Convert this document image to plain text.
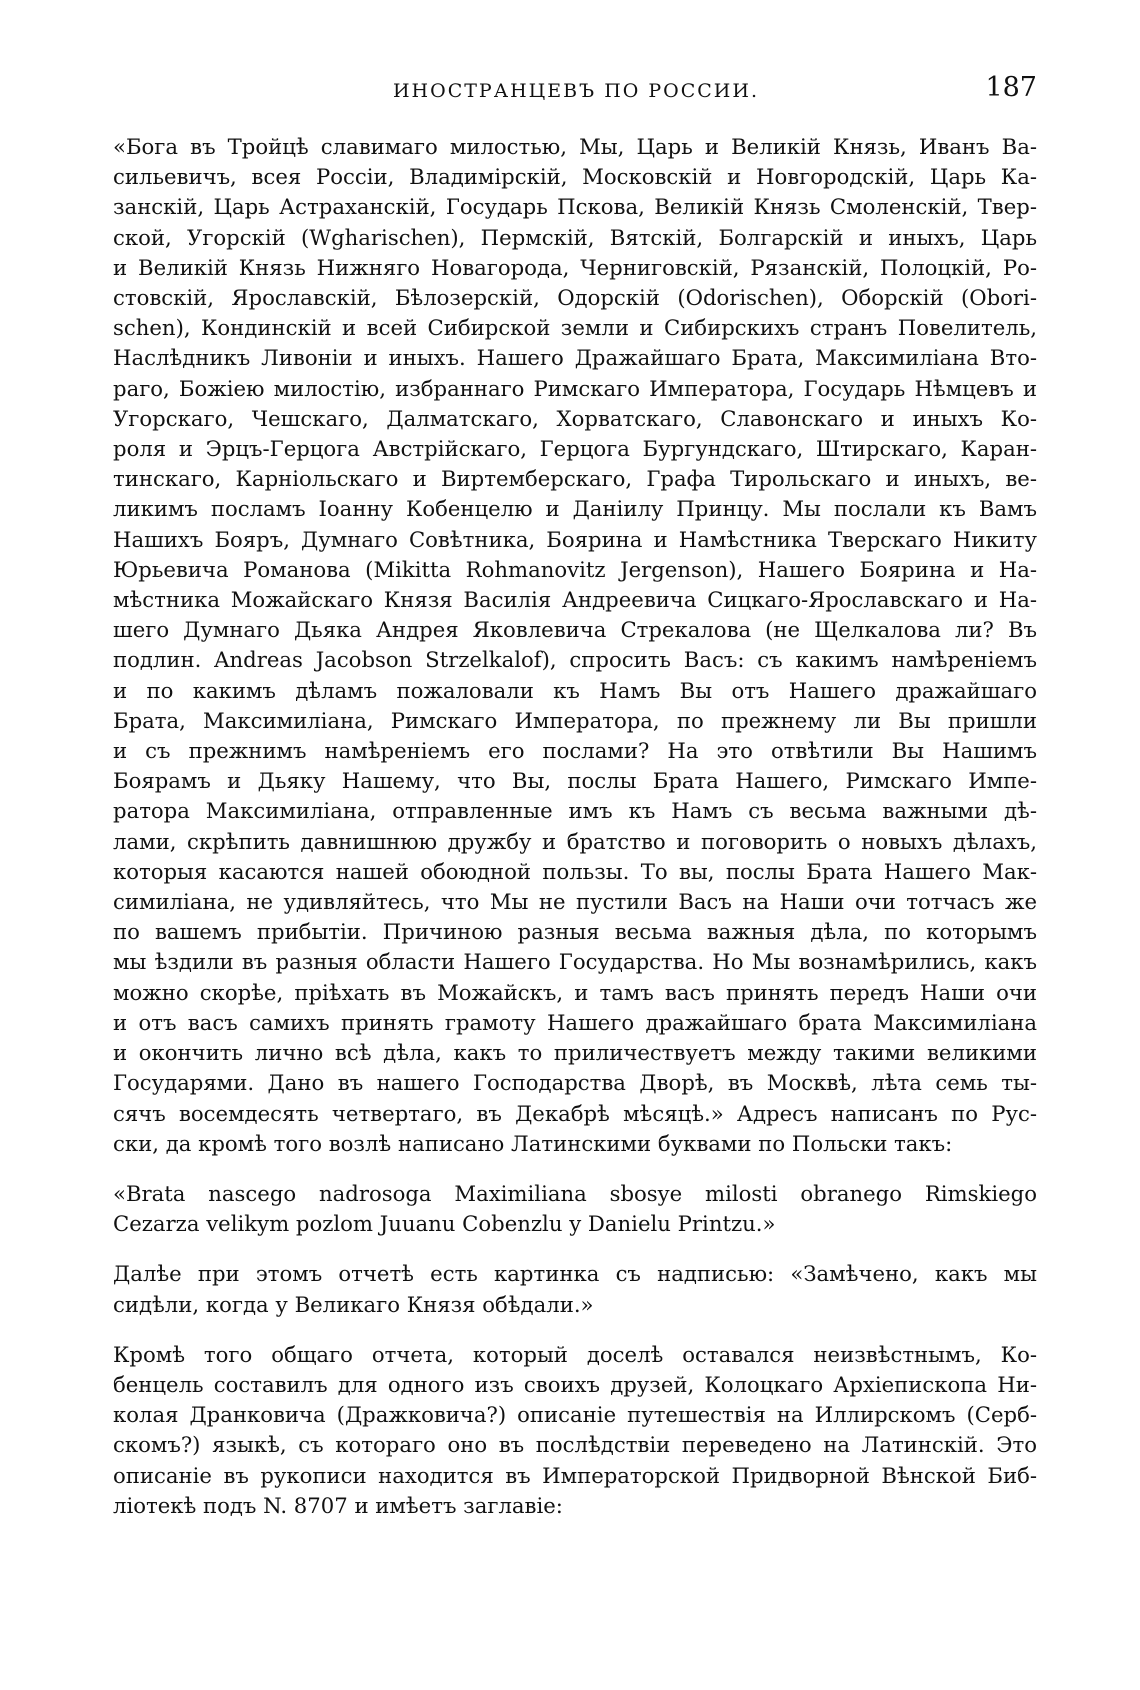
ИНОСТРАНЦЕВЪ ПО РОССИИ.	187

«Бога въ Тройцѣ славимаго милостью, Мы, Царь и Великій Князь, Иванъ Ва-
сильевичъ, всея Россіи, Владимірскій, Московскій и Новгородскій, Царь Ка-
занскій, Царь Астраханскій, Государь Пскова, Великій Князь Смоленскій, Твер-
ской, Угорскій (Wgharischen), Пермскій, Вятскій, Болгарскій и иныхъ, Царь
и Великій Князь Нижняго Новагорода, Черниговскій, Рязанскій, Полоцкій, Ро-
стовскій, Ярославскій, Бѣлозерскій, Одорскій (Odorischen), Оборскій (Obori-
schen), Кондинскій и всей Сибирской земли и Сибирскихъ странъ Повелитель,
Наслѣдникъ Ливоніи и иныхъ. Нашего Дражайшаго Брата, Максимиліана Вто-
раго, Божіею милостію, избраннаго Римскаго Императора, Государь Нѣмцевъ и
Угорскаго, Чешскаго, Далматскаго, Хорватскаго, Славонскаго и иныхъ Ко-
роля и Эрцъ-Герцога Австрійскаго, Герцога Бургундскаго, Штирскаго, Каран-
тинскаго, Карніольскаго и Виртемберскаго, Графа Тирольскаго и иныхъ, ве-
ликимъ посламъ Іоанну Кобенцелю и Даніилу Принцу. Мы послали къ Вамъ
Нашихъ Бояръ, Думнаго Совѣтника, Боярина и Намѣстника Тверскаго Никиту
Юрьевича Романова (Mikitta Rohmanovitz Jergenson), Нашего Боярина и На-
мѣстника Можайскаго Князя Василія Андреевича Сицкаго-Ярославскаго и На-
шего Думнаго Дьяка Андрея Яковлевича Стрекалова (не Щелкалова ли? Въ
подлин. Andreas Jacobson Strzelkalof), спросить Васъ: съ какимъ намѣреніемъ
и по какимъ дѣламъ пожаловали къ Намъ Вы отъ Нашего дражайшаго
Брата, Максимиліана, Римскаго Императора, по прежнему ли Вы пришли
и съ прежнимъ намѣреніемъ его послами? На это отвѣтили Вы Нашимъ
Боярамъ и Дьяку Нашему, что Вы, послы Брата Нашего, Римскаго Импе-
ратора Максимиліана, отправленные имъ къ Намъ съ весьма важными дѣ-
лами, скрѣпить давнишнюю дружбу и братство и поговорить о новыхъ дѣлахъ,
которыя касаются нашей обоюдной пользы. То вы, послы Брата Нашего Мак-
симиліана, не удивляйтесь, что Мы не пустили Васъ на Наши очи тотчасъ же
по вашемъ прибытіи. Причиною разныя весьма важныя дѣла, по которымъ
мы ѣздили въ разныя области Нашего Государства. Но Мы вознамѣрились, какъ
можно скорѣе, пріѣхать въ Можайскъ, и тамъ васъ принять передъ Наши очи
и отъ васъ самихъ принять грамоту Нашего дражайшаго брата Максимиліана
и окончить лично всѣ дѣла, какъ то приличествуетъ между такими великими
Государями. Дано въ нашего Господарства Дворѣ, въ Москвѣ, лѣта семь ты-
сячъ восемдесять четвертаго, въ Декабрѣ мѣсяцѣ.» Адресъ написанъ по Рус-
ски, да кромѣ того возлѣ написано Латинскими буквами по Польски такъ:

«Brata nascego nadrosoga Maximiliana sbosye milosti obranego Rimskiego
Cezarza velikym pozlom Juuanu Cobenzlu y Danielu Printzu.»

Далѣе при этомъ отчетѣ есть картинка съ надписью: «Замѣчено, какъ мы
сидѣли, когда у Великаго Князя обѣдали.»

Кромѣ того общаго отчета, который доселѣ оставался неизвѣстнымъ, Ко-
бенцель составилъ для одного изъ своихъ друзей, Колоцкаго Архіепископа Ни-
колая Дранковича (Дражковича?) описаніе путешествія на Иллирскомъ (Серб-
скомъ?) языкѣ, съ котораго оно въ послѣдствіи переведено на Латинскій. Это
описаніе въ рукописи находится въ Императорской Придворной Вѣнской Биб-
ліотекѣ подъ N. 8707 и имѣетъ заглавіе:
